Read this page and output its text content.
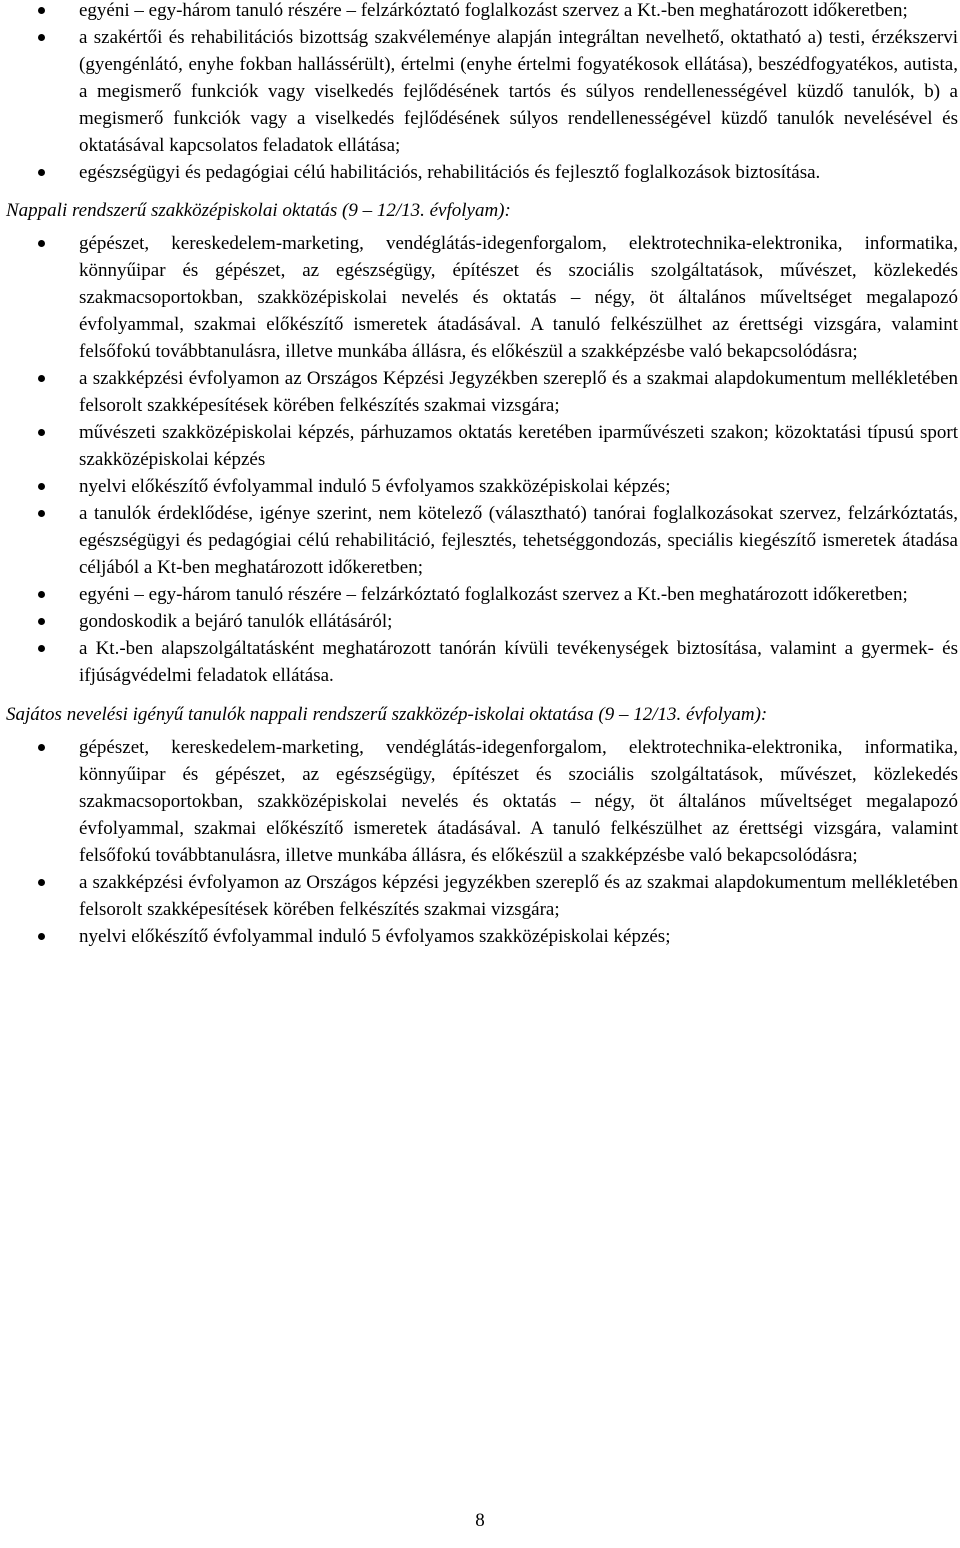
egyéni – egy-három tanuló részére – felzárkóztató foglalkozást szervez a Kt.-ben meghatározott időkeretben;
a szakértői és rehabilitációs bizottság szakvéleménye alapján integráltan nevelhető, oktatható a) testi, érzékszervi (gyengénlátó, enyhe fokban hallássérült), értelmi (enyhe értelmi fogyatékosok ellátása), beszédfogyatékos, autista, a megismerő funkciók vagy viselkedés fejlődésének tartós és súlyos rendellenességével küzdő tanulók, b) a megismerő funkciók vagy a viselkedés fejlődésének súlyos rendellenességével küzdő tanulók nevelésével és oktatásával kapcsolatos feladatok ellátása;
egészségügyi és pedagógiai célú habilitációs, rehabilitációs és fejlesztő foglalkozások biztosítása.
Nappali rendszerű szakközépiskolai oktatás (9 – 12/13. évfolyam):
gépészet, kereskedelem-marketing, vendéglátás-idegenforgalom, elektrotechnika-elektronika, informatika, könnyűipar és gépészet, az egészségügy, építészet és szociális szolgáltatások, művészet, közlekedés szakmacsoportokban, szakközépiskolai nevelés és oktatás – négy, öt általános műveltséget megalapozó évfolyammal, szakmai előkészítő ismeretek átadásával. A tanuló felkészülhet az érettségi vizsgára, valamint felsőfokú továbbtanulásra, illetve munkába állásra, és előkészül a szakképzésbe való bekapcsolódásra;
a szakképzési évfolyamon az Országos Képzési Jegyzékben szereplő és a szakmai alapdokumentum mellékletében felsorolt szakképesítések körében felkészítés szakmai vizsgára;
művészeti szakközépiskolai képzés, párhuzamos oktatás keretében iparművészeti szakon; közoktatási típusú sport szakközépiskolai képzés
nyelvi előkészítő évfolyammal induló 5 évfolyamos szakközépiskolai képzés;
a tanulók érdeklődése, igénye szerint, nem kötelező (választható) tanórai foglalkozásokat szervez, felzárkóztatás, egészségügyi és pedagógiai célú rehabilitáció, fejlesztés, tehetséggondozás, speciális kiegészítő ismeretek átadása céljából a Kt-ben meghatározott időkeretben;
egyéni – egy-három tanuló részére – felzárkóztató foglalkozást szervez a Kt.-ben meghatározott időkeretben;
gondoskodik a bejáró tanulók ellátásáról;
a Kt.-ben alapszolgáltatásként meghatározott tanórán kívüli tevékenységek biztosítása, valamint a gyermek- és ifjúságvédelmi feladatok ellátása.
Sajátos nevelési igényű tanulók nappali rendszerű szakközép-iskolai oktatása (9 – 12/13. évfolyam):
gépészet, kereskedelem-marketing, vendéglátás-idegenforgalom, elektrotechnika-elektronika, informatika, könnyűipar és gépészet, az egészségügy, építészet és szociális szolgáltatások, művészet, közlekedés szakmacsoportokban, szakközépiskolai nevelés és oktatás – négy, öt általános műveltséget megalapozó évfolyammal, szakmai előkészítő ismeretek átadásával. A tanuló felkészülhet az érettségi vizsgára, valamint felsőfokú továbbtanulásra, illetve munkába állásra, és előkészül a szakképzésbe való bekapcsolódásra;
a szakképzési évfolyamon az Országos képzési jegyzékben szereplő és az szakmai alapdokumentum mellékletében felsorolt szakképesítések körében felkészítés szakmai vizsgára;
nyelvi előkészítő évfolyammal induló 5 évfolyamos szakközépiskolai képzés;
8
